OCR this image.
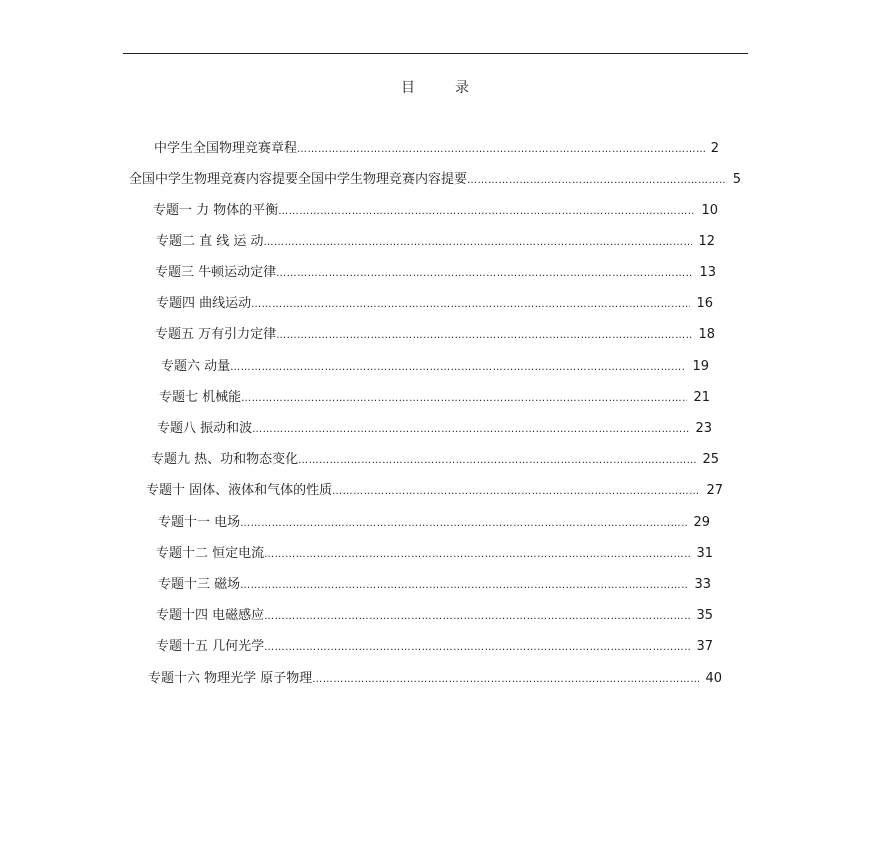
目	录
中学生全国物理竞赛章程 ……………………………………………………………………………………………………………………………………………………………………………………………………	2
全国中学生物理竞赛内容提要全国中学生物理竞赛内容提要 ……………………………………………………………………………………………………………………………………………………………………………………………………	5
专题一 力 物体的平衡 ……………………………………………………………………………………………………………………………………………………………………………………………………	10
专题二 直 线 运 动 ……………………………………………………………………………………………………………………………………………………………………………………………………	12
专题三 牛顿运动定律 ……………………………………………………………………………………………………………………………………………………………………………………………………	13
专题四 曲线运动 ……………………………………………………………………………………………………………………………………………………………………………………………………	16
专题五 万有引力定律 ……………………………………………………………………………………………………………………………………………………………………………………………………	18
专题六 动量 ……………………………………………………………………………………………………………………………………………………………………………………………………	19
专题七 机械能 ……………………………………………………………………………………………………………………………………………………………………………………………………	21
专题八 振动和波 ……………………………………………………………………………………………………………………………………………………………………………………………………	23
专题九 热、功和物态变化 ……………………………………………………………………………………………………………………………………………………………………………………………………	25
专题十 固体、液体和气体的性质 ……………………………………………………………………………………………………………………………………………………………………………………………………	27
专题十一 电场 ……………………………………………………………………………………………………………………………………………………………………………………………………	29
专题十二 恒定电流 ……………………………………………………………………………………………………………………………………………………………………………………………………	31
专题十三 磁场 ……………………………………………………………………………………………………………………………………………………………………………………………………	33
专题十四 电磁感应 ……………………………………………………………………………………………………………………………………………………………………………………………………	35
专题十五 几何光学 ……………………………………………………………………………………………………………………………………………………………………………………………………	37
专题十六 物理光学 原子物理 ……………………………………………………………………………………………………………………………………………………………………………………………………	40
